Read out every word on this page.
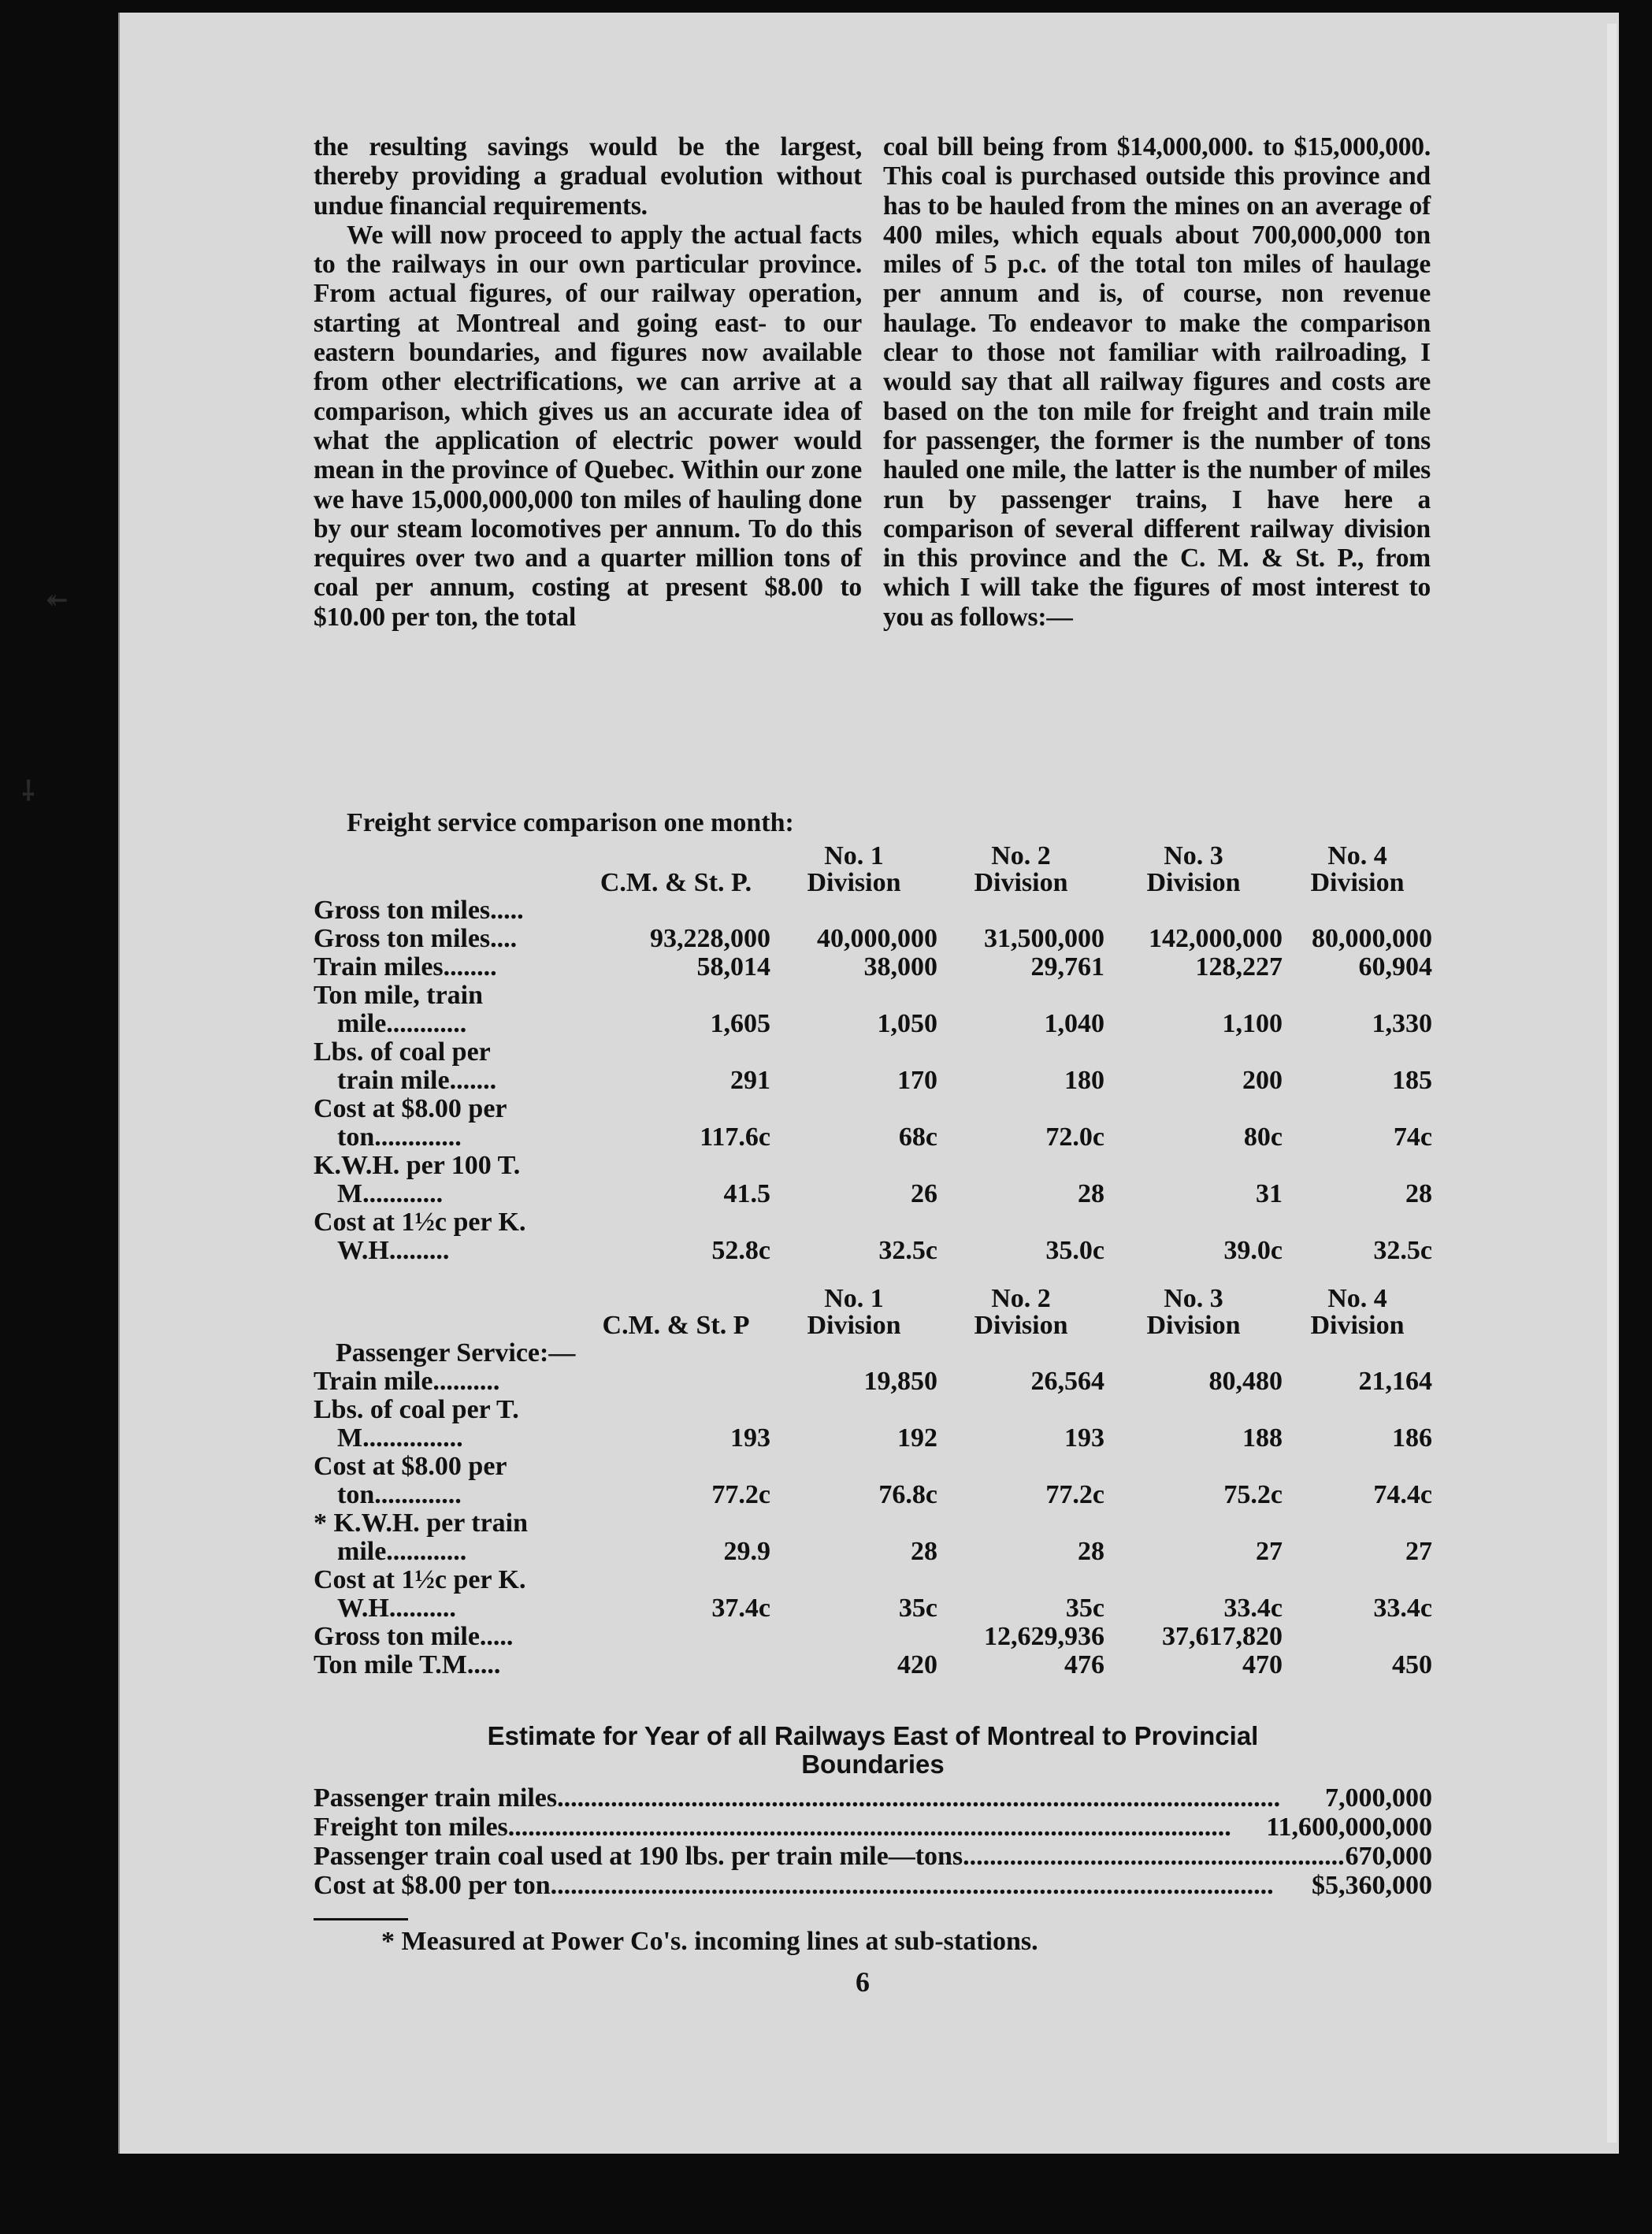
↞
⸸

the resulting savings would be the largest, thereby providing a gradual evolution without undue financial requirements.

We will now proceed to apply the actual facts to the railways in our own particular province. From actual figures, of our railway operation, starting at Montreal and going east- to our eastern boundaries, and figures now available from other electrifications, we can arrive at a comparison, which gives us an accurate idea of what the application of electric power would mean in the province of Quebec. Within our zone we have 15,000,000,000 ton miles of hauling done by our steam locomotives per annum. To do this requires over two and a quarter million tons of coal per annum, costing at present $8.00 to $10.00 per ton, the total

coal bill being from $14,000,000. to $15,000,000. This coal is purchased outside this province and has to be hauled from the mines on an average of 400 miles, which equals about 700,000,000 ton miles of 5 p.c. of the total ton miles of haulage per annum and is, of course, non revenue haulage. To endeavor to make the comparison clear to those not familiar with railroading, I would say that all railway figures and costs are based on the ton mile for freight and train mile for passenger, the former is the number of tons hauled one mile, the latter is the number of miles run by passenger trains, I have here a comparison of several different railway division in this province and the C. M. & St. P., from which I will take the figures of most interest to you as follows:—

Freight service comparison one month:
		No. 1	No. 2	No. 3	No. 4
	C.M. & St. P.	Division	Division	Division	Division

Gross ton miles.....					

Gross ton miles....	93,228,000	40,000,000	31,500,000	142,000,000	80,000,000

Train miles........	58,014	38,000	29,761	128,227	60,904

Ton mile, train
mile............	1,605	1,050	1,040	1,100	1,330

Lbs. of coal per
train mile.......	291	170	180	200	185

Cost at $8.00 per
ton.............	117.6c	68c	72.0c	80c	74c

K.W.H. per 100 T.
M............	41.5	26	28	31	28

Cost at 1½c per K.
W.H.........	52.8c	32.5c	35.0c	39.0c	32.5c
		No. 1	No. 2	No. 3	No. 4
	C.M. & St. P	Division	Division	Division	Division
Passenger Service:—					

Train mile..........		19,850	26,564	80,480	21,164

Lbs. of coal per T.
M...............	193	192	193	188	186

Cost at $8.00 per
ton.............	77.2c	76.8c	77.2c	75.2c	74.4c

* K.W.H. per train
mile............	29.9	28	28	27	27

Cost at 1½c per K.
W.H..........	37.4c	35c	35c	33.4c	33.4c

Gross ton mile.....			12,629,936	37,617,820	

Ton mile T.M.....		420	476	470	450
Estimate for Year of all Railways East of Montreal to Provincial
Boundaries
Passenger train miles .....	7,000,000
Freight ton miles .....	11,600,000,000
Passenger train coal used at 190 lbs. per train mile—tons .....	670,000
Cost at $8.00 per ton .....	$5,360,000
* Measured at Power Co's. incoming lines at sub-stations.
6
